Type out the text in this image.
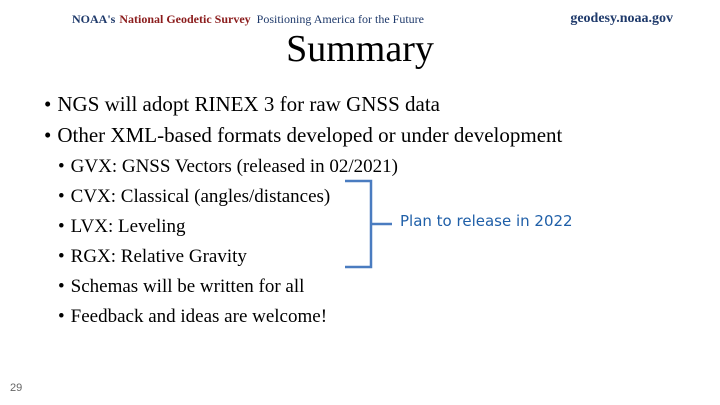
NOAA's National Geodetic Survey Positioning America for the Future	geodesy.noaa.gov
Summary
• NGS will adopt RINEX 3 for raw GNSS data
• Other XML-based formats developed or under development
• GVX: GNSS Vectors (released in 02/2021)
• CVX: Classical (angles/distances)
• LVX: Leveling
• RGX: Relative Gravity
• Schemas will be written for all
• Feedback and ideas are welcome!
Plan to release in 2022
29
